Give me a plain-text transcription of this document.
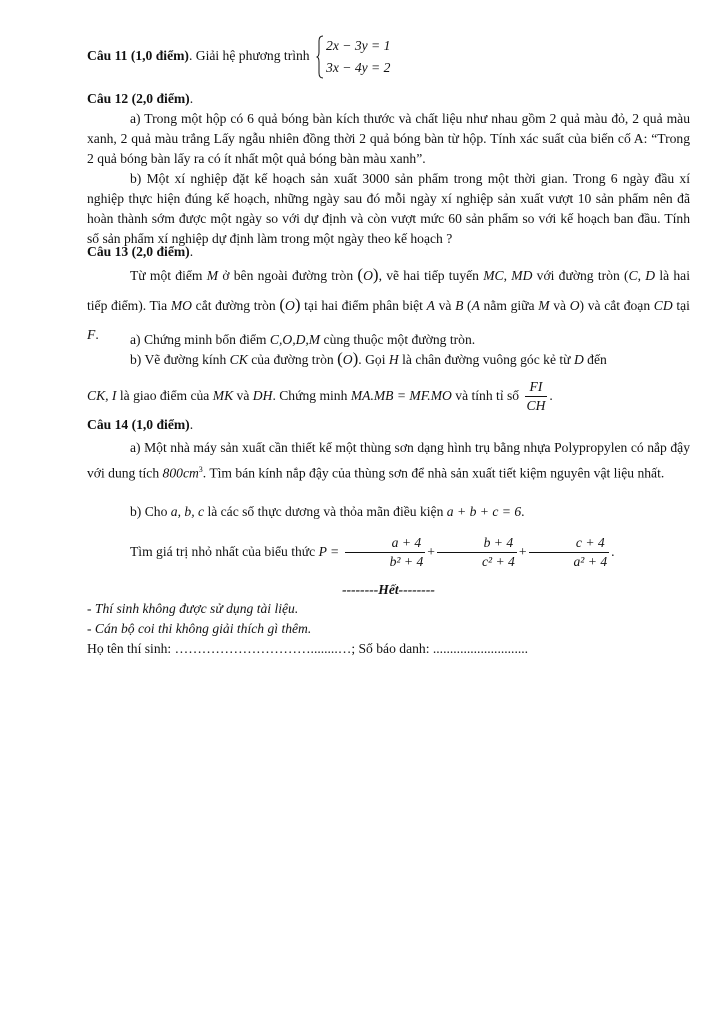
Câu 11 (1,0 điểm). Giải hệ phương trình
2x − 3y = 1
3x − 4y = 2
Câu 12 (2,0 điểm).
a) Trong một hộp có 6 quả bóng bàn kích thước và chất liệu như nhau gồm 2 quả màu đỏ, 2 quả màu xanh, 2 quả màu trắng Lấy ngẫu nhiên đồng thời 2 quả bóng bàn từ hộp. Tính xác suất của biến cố A: “Trong 2 quả bóng bàn lấy ra có ít nhất một quả bóng bàn màu xanh”.
b) Một xí nghiệp đặt kế hoạch sản xuất 3000 sản phẩm trong một thời gian. Trong 6 ngày đầu xí nghiệp thực hiện đúng kế hoạch, những ngày sau đó mỗi ngày xí nghiệp sản xuất vượt 10 sản phẩm nên đã hoàn thành sớm được một ngày so với dự định và còn vượt mức 60 sản phẩm so với kế hoạch ban đầu. Tính số sản phẩm xí nghiệp dự định làm trong một ngày theo kế hoạch ?
Câu 13 (2,0 điểm).
Từ một điểm M ở bên ngoài đường tròn (O), vẽ hai tiếp tuyến MC, MD với đường tròn (C, D là hai tiếp điểm). Tia MO cắt đường tròn (O) tại hai điểm phân biệt A và B (A nằm giữa M và O) và cắt đoạn CD tại F.	a) Chứng minh bốn điểm C,O,D,M cùng thuộc một đường tròn.
b) Vẽ đường kính CK của đường tròn (O). Gọi H là chân đường vuông góc kẻ từ D đến
CK, I là giao điểm của MK và DH. Chứng minh MA.MB = MF.MO và tính tỉ số $\frac{FI}{CH}$ .
Câu 14 (1,0 điểm).
a) Một nhà máy sản xuất cần thiết kế một thùng sơn dạng hình trụ bằng nhựa Polypropylen có nắp đậy với dung tích $800cm^3$. Tìm bán kính nắp đậy của thùng sơn để nhà sản xuất tiết kiệm nguyên vật liệu nhất.
b) Cho a, b, c là các số thực dương và thỏa mãn điều kiện a + b + c = 6.
Tìm giá trị nhỏ nhất của biểu thức $P = \frac{a + 4}{\text{b² + 4}} + \frac{b + 4}{\text{c² + 4}} + \frac{c + 4}{\text{a² + 4}}$ .
--------Hết--------
- Thí sinh không được sử dụng tài liệu.
- Cán bộ coi thi không giải thích gì thêm.
Họ tên thí sinh: …………………………........…; Số báo danh: ............................
